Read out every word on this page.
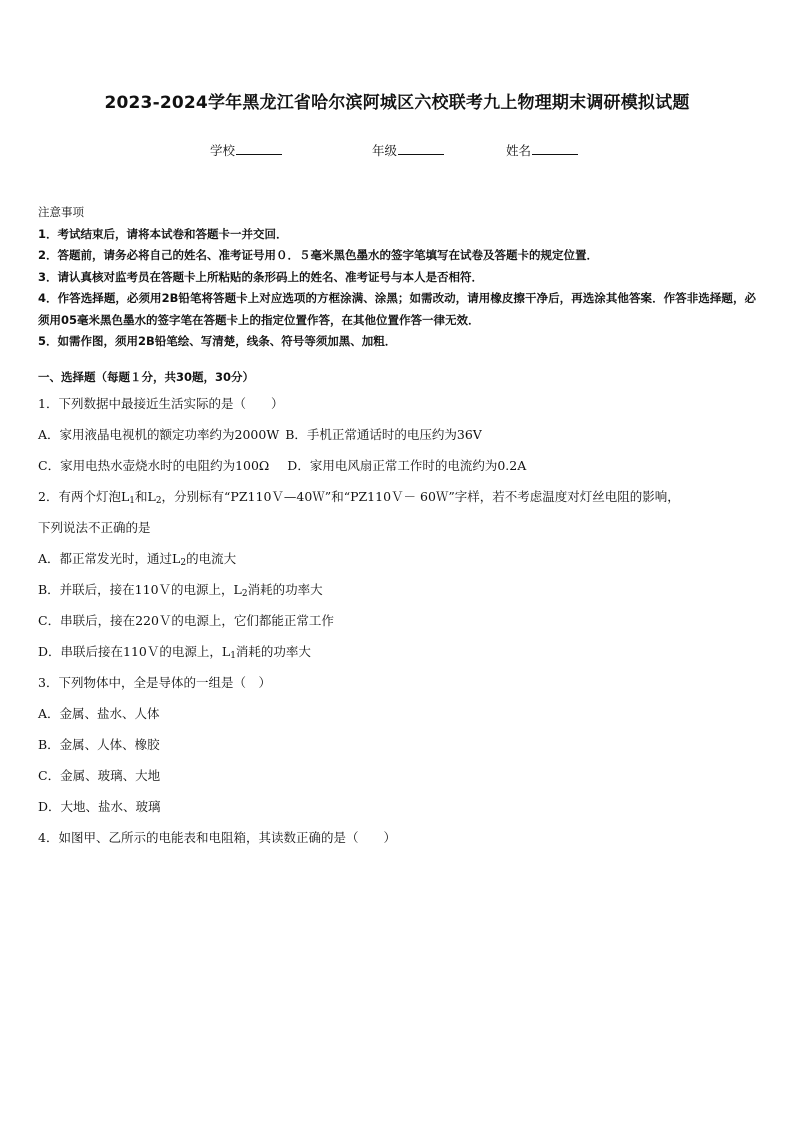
2023-2024学年黑龙江省哈尔滨阿城区六校联考九上物理期末调研模拟试题
学校	年级	姓名
注意事项
1．考试结束后，请将本试卷和答题卡一并交回．
2．答题前，请务必将自己的姓名、准考证号用０．５毫米黑色墨水的签字笔填写在试卷及答题卡的规定位置．
3．请认真核对监考员在答题卡上所粘贴的条形码上的姓名、准考证号与本人是否相符．
4．作答选择题，必须用2B铅笔将答题卡上对应选项的方框涂满、涂黑；如需改动，请用橡皮擦干净后，再选涂其他答案．作答非选择题，必须用05毫米黑色墨水的签字笔在答题卡上的指定位置作答，在其他位置作答一律无效．
5．如需作图，须用2B铅笔绘、写清楚，线条、符号等须加黑、加粗．
一、选择题（每题１分，共30题，30分）
1．下列数据中最接近生活实际的是（　　）
A．家用液晶电视机的额定功率约为2000W B．手机正常通话时的电压约为36V
C．家用电热水壶烧水时的电阻约为100Ω D．家用电风扇正常工作时的电流约为0.2A
2．有两个灯泡$L_1$和$L_2$，分别标有“PZ110Ｖ—40Ｗ”和“PZ110Ｖ－ 60Ｗ”字样，若不考虑温度对灯丝电阻的影响，
下列说法不正确的是
A．都正常发光时，通过$L_2$的电流大
B．并联后，接在110Ｖ的电源上，$L_2$消耗的功率大
C．串联后，接在220Ｖ的电源上，它们都能正常工作
D．串联后接在110Ｖ的电源上，$L_1$消耗的功率大
3．下列物体中，全是导体的一组是（　）
A．金属、盐水、人体
B．金属、人体、橡胶
C．金属、玻璃、大地
D．大地、盐水、玻璃
4．如图甲、乙所示的电能表和电阻箱，其读数正确的是（　　）
